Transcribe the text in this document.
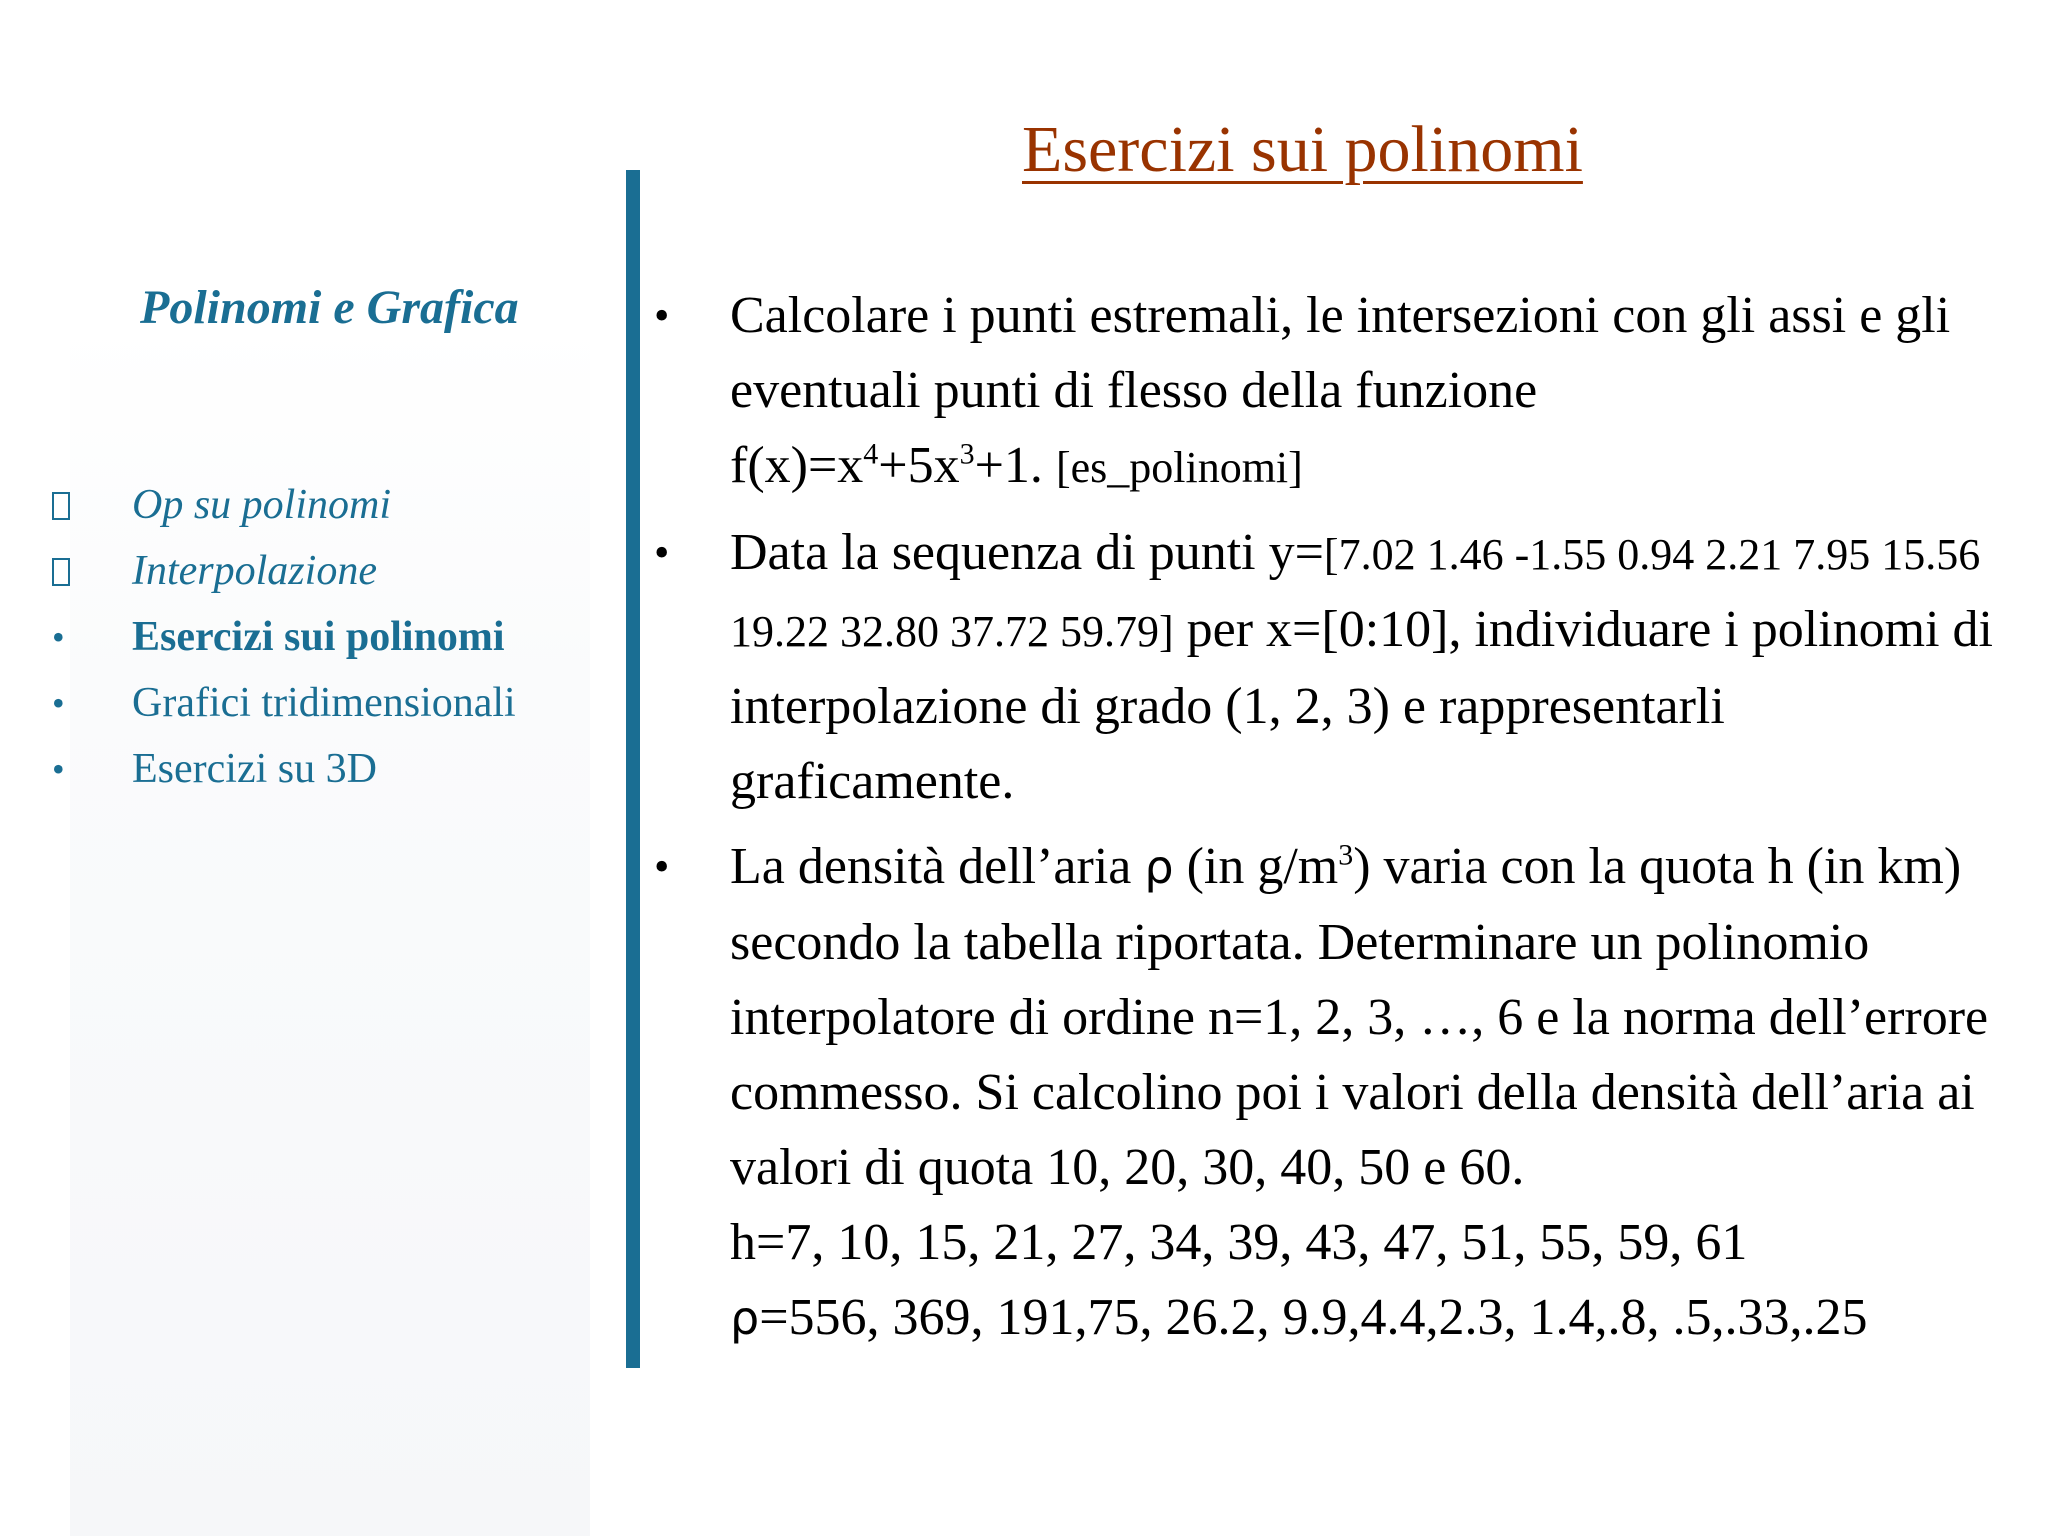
Esercizi sui polinomi
Polinomi e Grafica
Op su polinomi
Interpolazione
•	Esercizi sui polinomi
•	Grafici tridimensionali
•	Esercizi su 3D
• Calcolare i punti estremali, le intersezioni con gli assi e gli eventuali punti di flesso della funzione
$f(x)=x^4+5x^3+1$. [es_polinomi]
• Data la sequenza di punti y=[7.02 1.46 -1.55 0.94 2.21 7.95 15.56 19.22 32.80 37.72 59.79] per x=[0:10], individuare i polinomi di interpolazione di grado (1, 2, 3) e rappresentarli graficamente.
• La densità dell’aria ρ (in $g/m^3$) varia con la quota h (in km) secondo la tabella riportata. Determinare un polinomio interpolatore di ordine n=1, 2, 3, …, 6 e la norma dell’errore commesso. Si calcolino poi i valori della densità dell’aria ai valori di quota 10, 20, 30, 40, 50 e 60.
h=7, 10, 15, 21, 27, 34, 39, 43, 47, 51, 55, 59, 61
ρ=556, 369, 191,75, 26.2, 9.9,4.4,2.3, 1.4,.8, .5,.33,.25
